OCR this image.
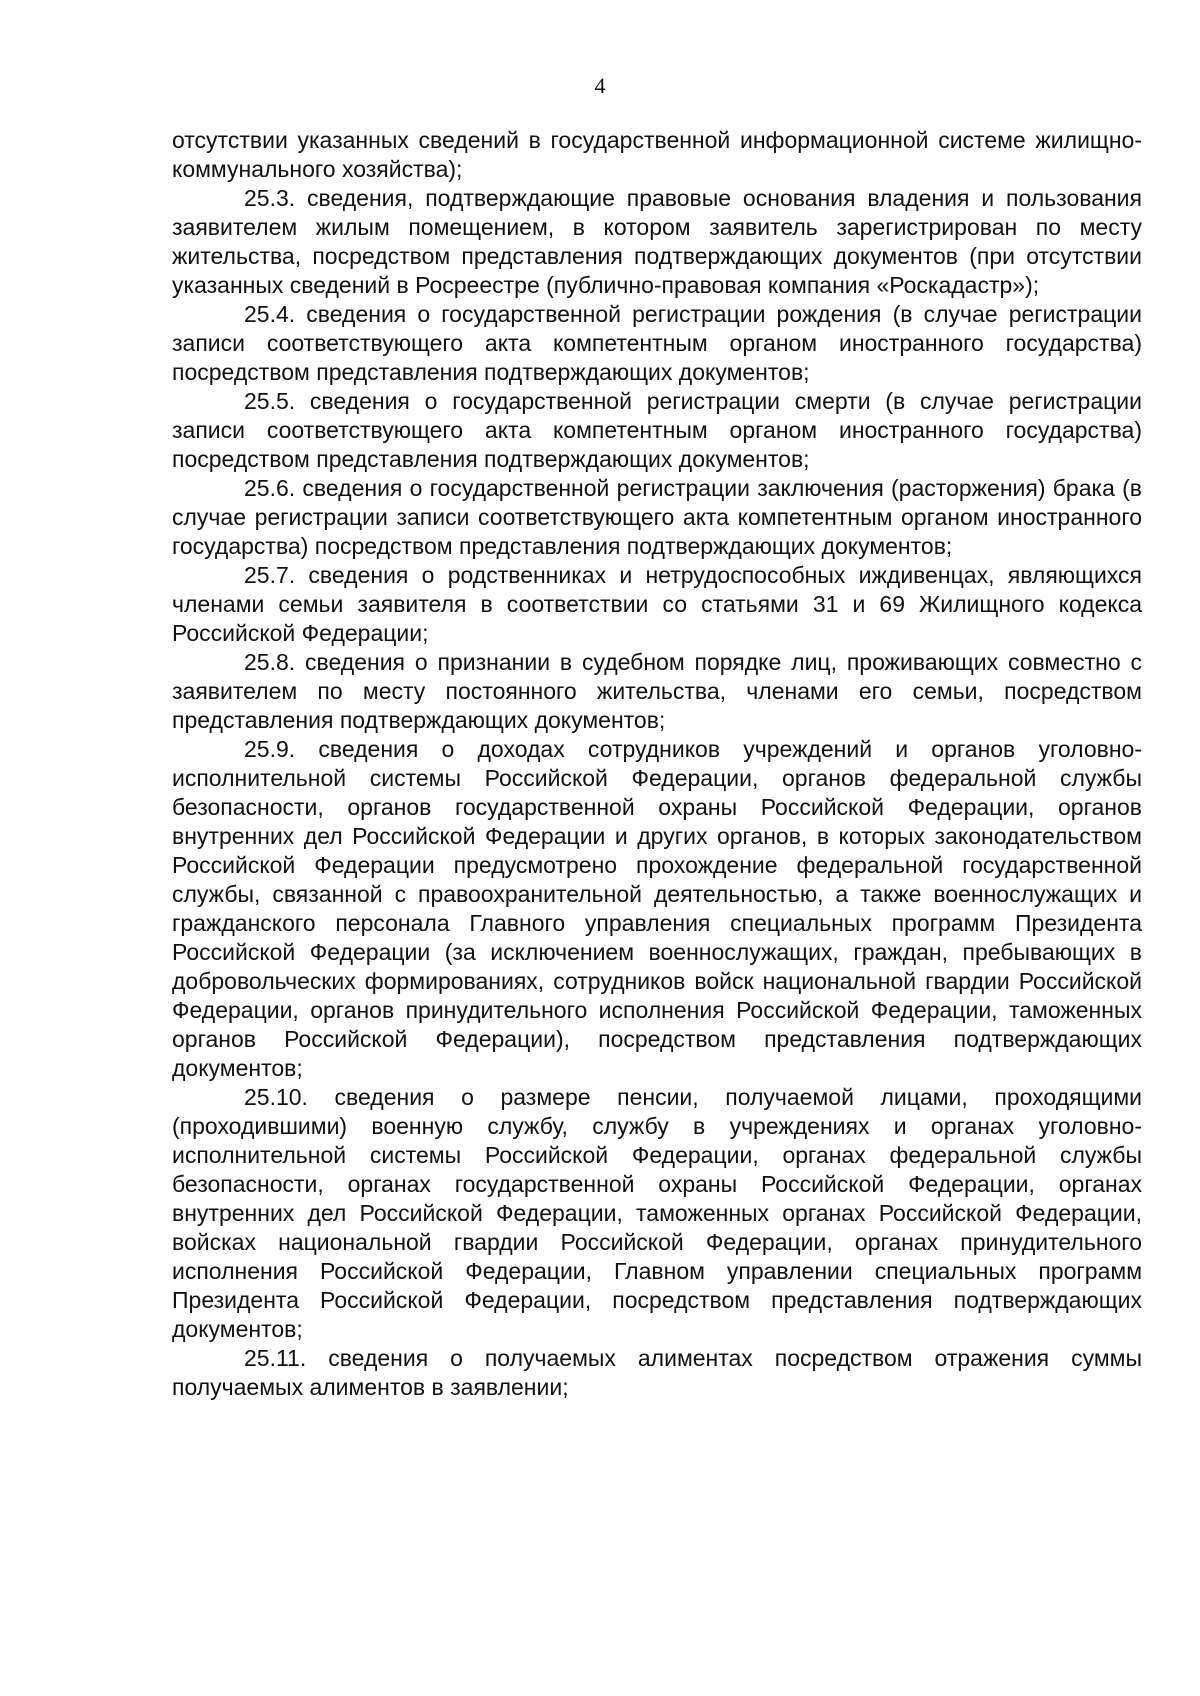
4

отсутствии указанных сведений в государственной информационной системе жилищно-коммунального хозяйства);

25.3. сведения, подтверждающие правовые основания владения и пользования заявителем жилым помещением, в котором заявитель зарегистрирован по месту жительства, посредством представления подтверждающих документов (при отсутствии указанных сведений в Росреестре (публично-правовая компания «Роскадастр»);

25.4. сведения о государственной регистрации рождения (в случае регистрации записи соответствующего акта компетентным органом иностранного государства) посредством представления подтверждающих документов;

25.5. сведения о государственной регистрации смерти (в случае регистрации записи соответствующего акта компетентным органом иностранного государства) посредством представления подтверждающих документов;

25.6. сведения о государственной регистрации заключения (расторжения) брака (в случае регистрации записи соответствующего акта компетентным органом иностранного государства) посредством представления подтверждающих документов;

25.7. сведения о родственниках и нетрудоспособных иждивенцах, являющихся членами семьи заявителя в соответствии со статьями 31 и 69 Жилищного кодекса Российской Федерации;

25.8. сведения о признании в судебном порядке лиц, проживающих совместно с заявителем по месту постоянного жительства, членами его семьи, посредством представления подтверждающих документов;

25.9. сведения о доходах сотрудников учреждений и органов уголовно-исполнительной системы Российской Федерации, органов федеральной службы безопасности, органов государственной охраны Российской Федерации, органов внутренних дел Российской Федерации и других органов, в которых законодательством Российской Федерации предусмотрено прохождение федеральной государственной службы, связанной с правоохранительной деятельностью, а также военнослужащих и гражданского персонала Главного управления специальных программ Президента Российской Федерации (за исключением военнослужащих, граждан, пребывающих в добровольческих формированиях, сотрудников войск национальной гвардии Российской Федерации, органов принудительного исполнения Российской Федерации, таможенных органов Российской Федерации), посредством представления подтверждающих документов;

25.10. сведения о размере пенсии, получаемой лицами, проходящими (проходившими) военную службу, службу в учреждениях и органах уголовно-исполнительной системы Российской Федерации, органах федеральной службы безопасности, органах государственной охраны Российской Федерации, органах внутренних дел Российской Федерации, таможенных органах Российской Федерации, войсках национальной гвардии Российской Федерации, органах принудительного исполнения Российской Федерации, Главном управлении специальных программ Президента Российской Федерации, посредством представления подтверждающих документов;

25.11. сведения о получаемых алиментах посредством отражения суммы получаемых алиментов в заявлении;
